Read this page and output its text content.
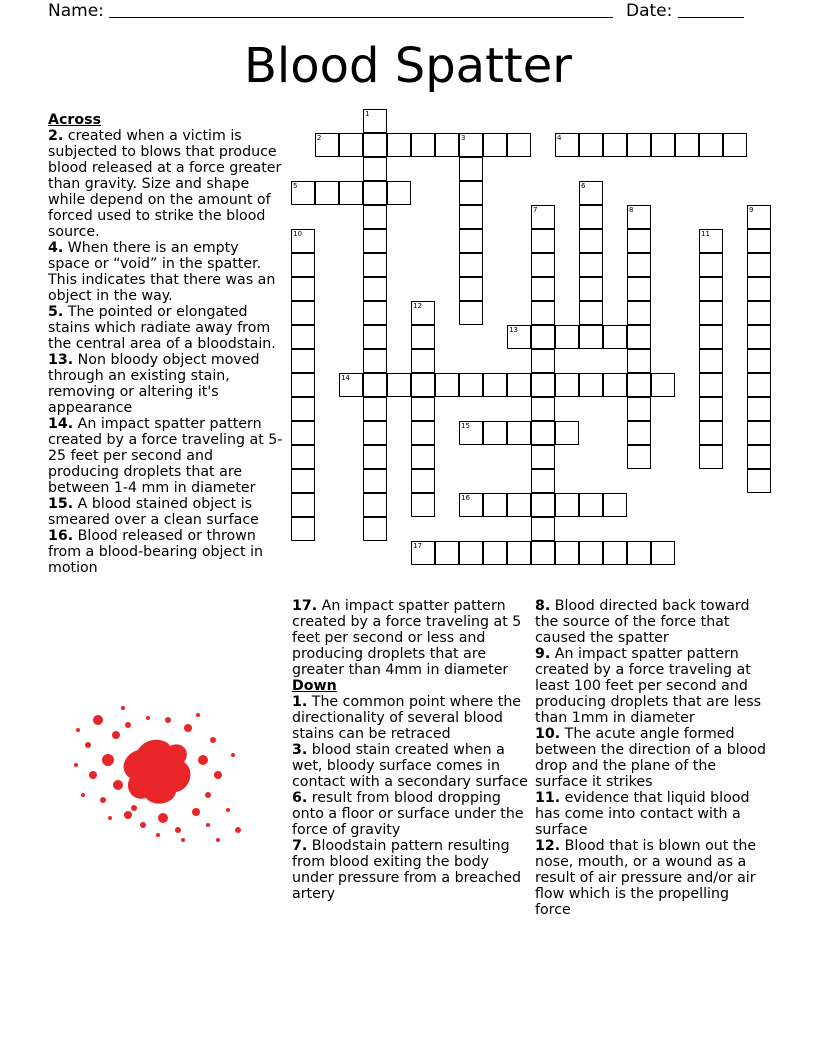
Name:	Date:
Blood Spatter
1
2	3	4
5	6
7	8	9
10	11
12
13
14
15
16
17
Across
2. created when a victim is subjected to blows that produce blood released at a force greater than gravity. Size and shape while depend on the amount of forced used to strike the blood source.
4. When there is an empty space or “void” in the spatter. This indicates that there was an object in the way.
5. The pointed or elongated stains which radiate away from the central area of a bloodstain.
13. Non bloody object moved through an existing stain, removing or altering it's appearance
14. An impact spatter pattern created by a force traveling at 5-25 feet per second and producing droplets that are between 1-4 mm in diameter
15. A blood stained object is smeared over a clean surface
16. Blood released or thrown from a blood-bearing object in motion
17. An impact spatter pattern created by a force traveling at 5 feet per second or less and producing droplets that are greater than 4mm in diameter
Down
1. The common point where the directionality of several blood stains can be retraced
3. blood stain created when a wet, bloody surface comes in contact with a secondary surface
6. result from blood dropping onto a floor or surface under the force of gravity
7. Bloodstain pattern resulting from blood exiting the body under pressure from a breached artery
8. Blood directed back toward the source of the force that caused the spatter
9. An impact spatter pattern created by a force traveling at least 100 feet per second and producing droplets that are less than 1mm in diameter
10. The acute angle formed between the direction of a blood drop and the plane of the surface it strikes
11. evidence that liquid blood has come into contact with a surface
12. Blood that is blown out the nose, mouth, or a wound as a result of air pressure and/or air flow which is the propelling force
